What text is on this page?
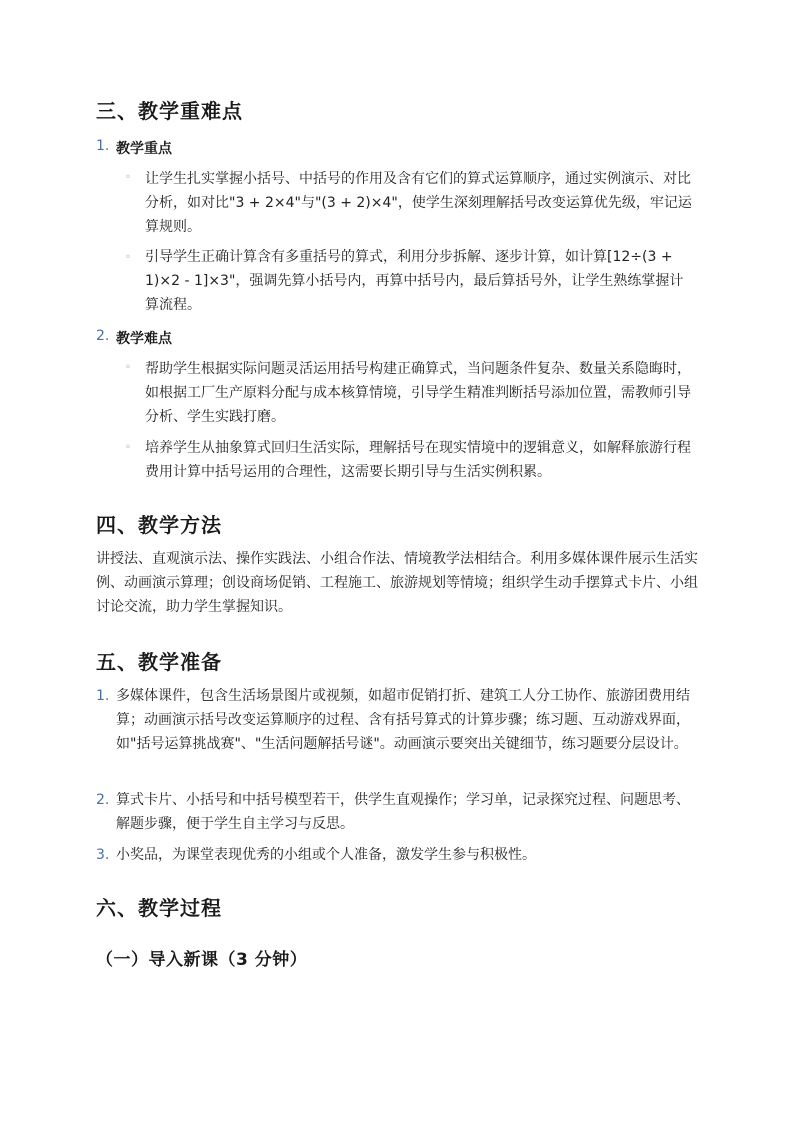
三、教学重难点
1. 教学重点
◦ 让学生扎实掌握小括号、中括号的作用及含有它们的算式运算顺序，通过实例演示、对比分析，如对比"3 + 2×4"与"(3 + 2)×4"，使学生深刻理解括号改变运算优先级，牢记运算规则。

◦ 引导学生正确计算含有多重括号的算式，利用分步拆解、逐步计算，如计算[12÷(3 + 1)×2 - 1]×3"，强调先算小括号内，再算中括号内，最后算括号外，让学生熟练掌握计算流程。

2. 教学难点
◦ 帮助学生根据实际问题灵活运用括号构建正确算式，当问题条件复杂、数量关系隐晦时，如根据工厂生产原料分配与成本核算情境，引导学生精准判断括号添加位置，需教师引导分析、学生实践打磨。

◦ 培养学生从抽象算式回归生活实际，理解括号在现实情境中的逻辑意义，如解释旅游行程费用计算中括号运用的合理性，这需要长期引导与生活实例积累。

四、教学方法

讲授法、直观演示法、操作实践法、小组合作法、情境教学法相结合。利用多媒体课件展示生活实例、动画演示算理；创设商场促销、工程施工、旅游规划等情境；组织学生动手摆算式卡片、小组讨论交流，助力学生掌握知识。

五、教学准备
1. 多媒体课件，包含生活场景图片或视频，如超市促销打折、建筑工人分工协作、旅游团费用结算；动画演示括号改变运算顺序的过程、含有括号算式的计算步骤；练习题、互动游戏界面，如"括号运算挑战赛"、"生活问题解括号谜"。动画演示要突出关键细节，练习题要分层设计。

2. 算式卡片、小括号和中括号模型若干，供学生直观操作；学习单，记录探究过程、问题思考、解题步骤，便于学生自主学习与反思。

3. 小奖品，为课堂表现优秀的小组或个人准备，激发学生参与积极性。

六、教学过程
（一）导入新课（3 分钟）
